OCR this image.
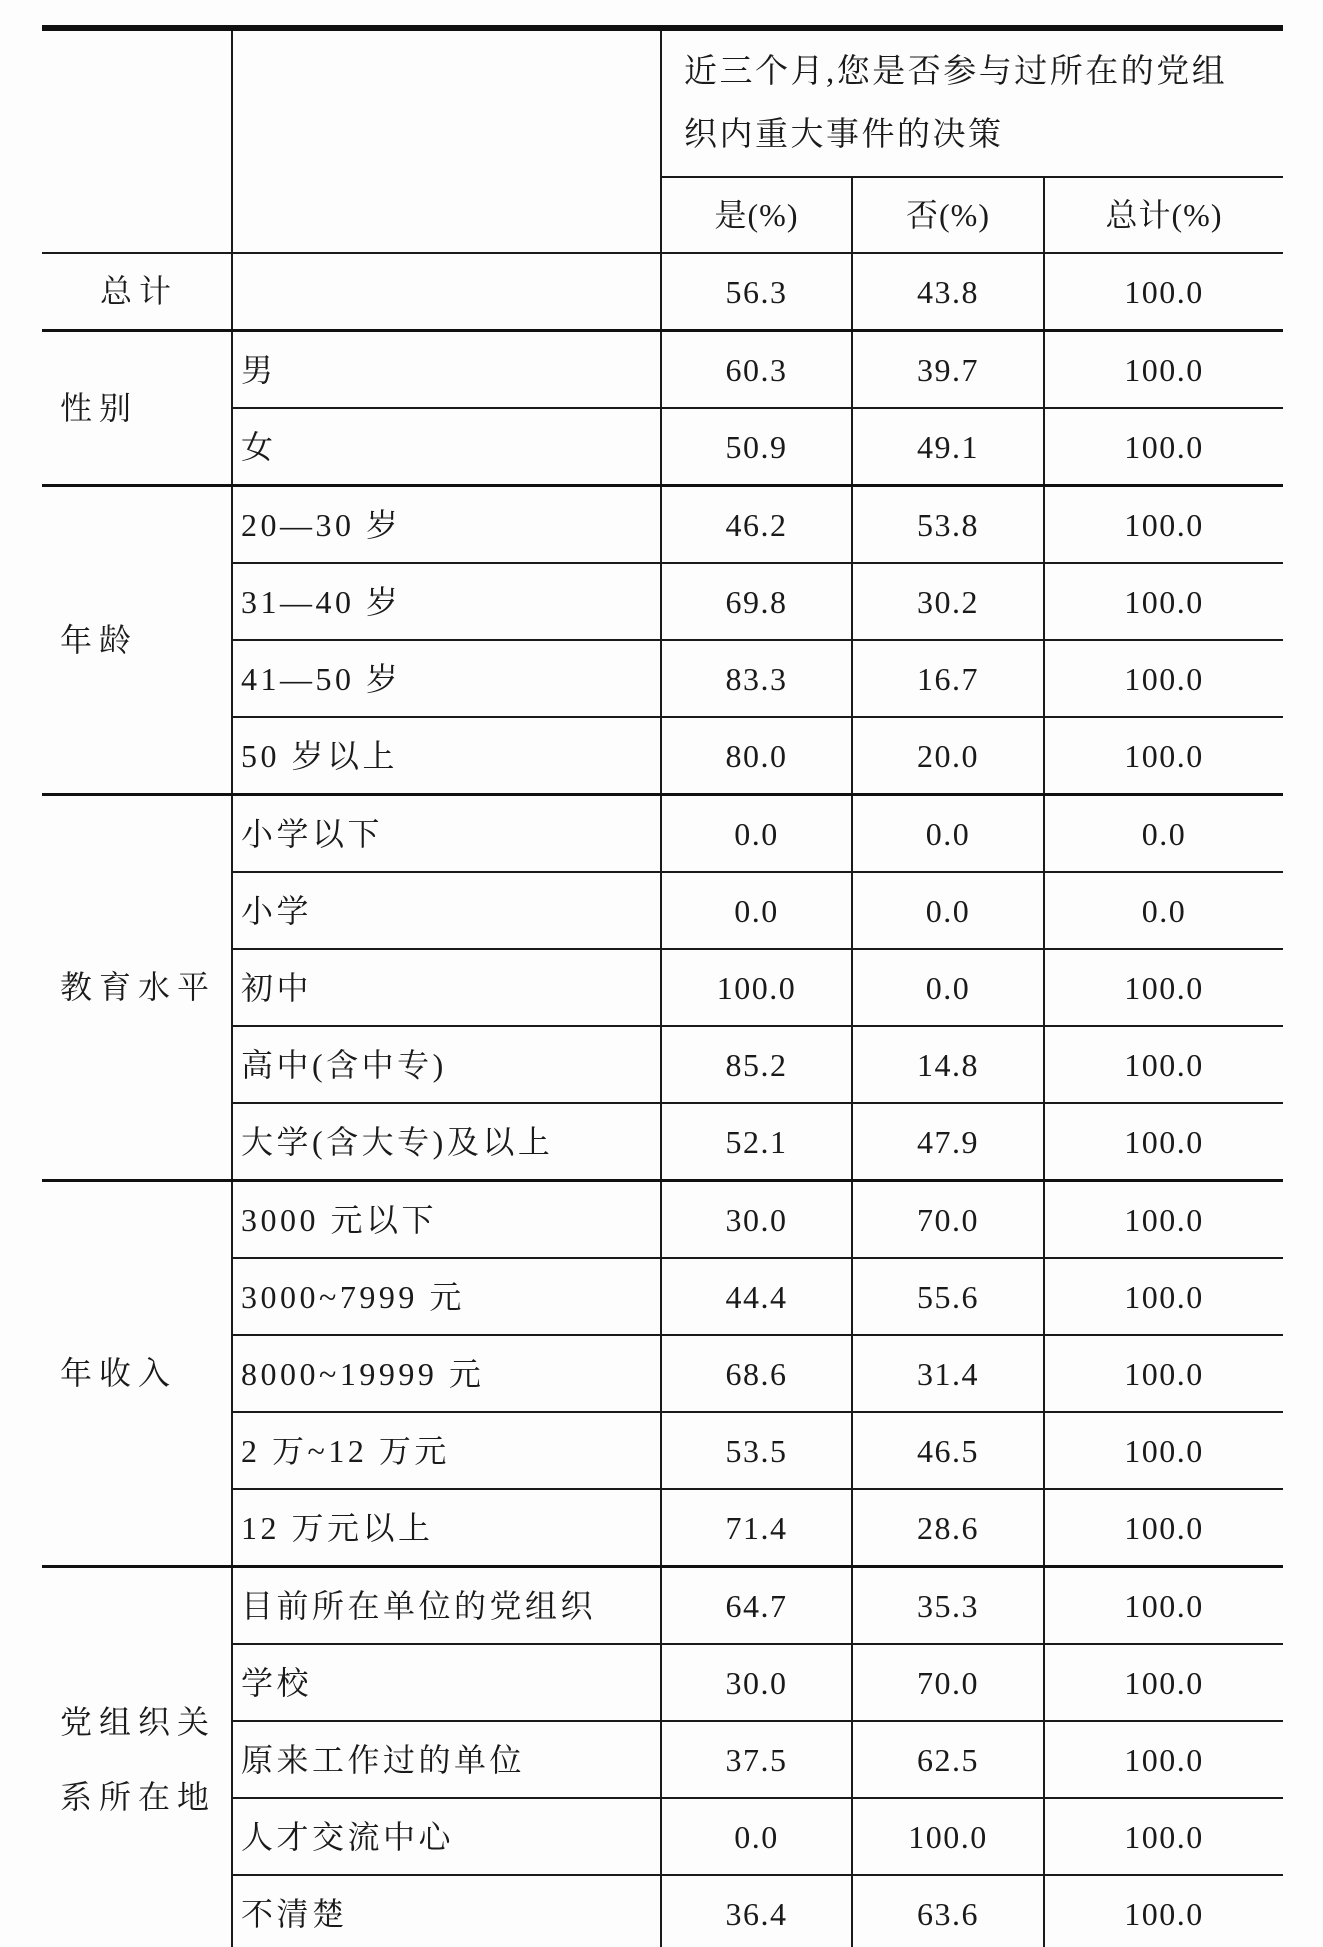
		近三个月,您是否参与过所在的党组
织内重大事件的决策		

		是(%)	否(%)	总计(%)

总计		56.3	43.8	100.0

性别	男	60.3	39.7	100.0
	女	50.9	49.1	100.0

年龄	20—30 岁	46.2	53.8	100.0
	31—40 岁	69.8	30.2	100.0
	41—50 岁	83.3	16.7	100.0
	50 岁以上	80.0	20.0	100.0

教育水平	小学以下	0.0	0.0	0.0
	小学	0.0	0.0	0.0
	初中	100.0	0.0	100.0
	高中(含中专)	85.2	14.8	100.0
	大学(含大专)及以上	52.1	47.9	100.0

年收入	3000 元以下	30.0	70.0	100.0
	3000~7999 元	44.4	55.6	100.0
	8000~19999 元	68.6	31.4	100.0
	2 万~12 万元	53.5	46.5	100.0
	12 万元以上	71.4	28.6	100.0

党组织关系所在地	目前所在单位的党组织	64.7	35.3	100.0
	学校	30.0	70.0	100.0
	原来工作过的单位	37.5	62.5	100.0
	人才交流中心	0.0	100.0	100.0
	不清楚	36.4	63.6	100.0
